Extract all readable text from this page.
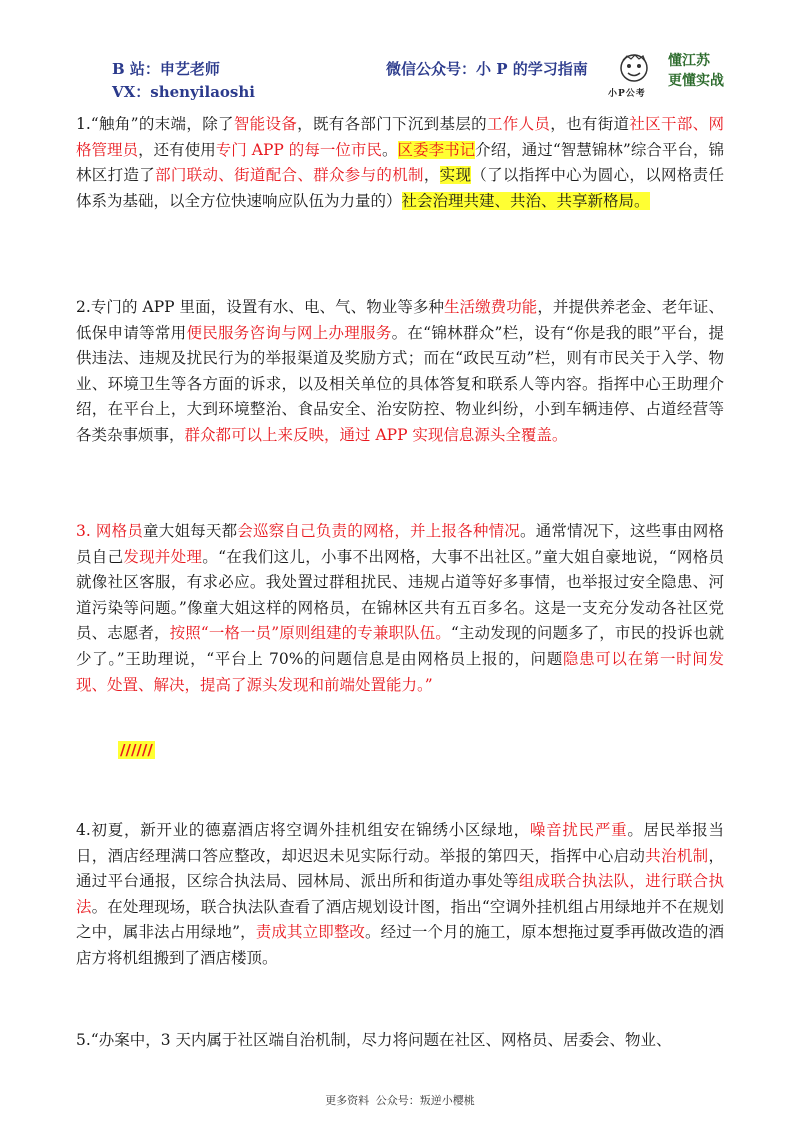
B 站：申艺老师
VX：shenyilaoshi
微信公众号：小 P 的学习指南
小P公考
懂江苏
更懂实战

1.“触角”的末端，除了智能设备，既有各部门下沉到基层的工作人员，也有街道社区干部、网格管理员，还有使用专门 APP 的每一位市民。区委李书记介绍，通过“智慧锦林”综合平台，锦林区打造了部门联动、街道配合、群众参与的机制，实现（了以指挥中心为圆心，以网格责任体系为基础，以全方位快速响应队伍为力量的）社会治理共建、共治、共享新格局。

2.专门的 APP 里面，设置有水、电、气、物业等多种生活缴费功能，并提供养老金、老年证、低保申请等常用便民服务咨询与网上办理服务。在“锦林群众”栏，设有“你是我的眼”平台，提供违法、违规及扰民行为的举报渠道及奖励方式；而在“政民互动”栏，则有市民关于入学、物业、环境卫生等各方面的诉求，以及相关单位的具体答复和联系人等内容。指挥中心王助理介绍，在平台上，大到环境整治、食品安全、治安防控、物业纠纷，小到车辆违停、占道经营等各类杂事烦事，群众都可以上来反映，通过 APP 实现信息源头全覆盖。

3. 网格员童大姐每天都会巡察自己负责的网格，并上报各种情况。通常情况下，这些事由网格员自己发现并处理。“在我们这儿，小事不出网格，大事不出社区。”童大姐自豪地说，“网格员就像社区客服，有求必应。我处置过群租扰民、违规占道等好多事情，也举报过安全隐患、河道污染等问题。”像童大姐这样的网格员，在锦林区共有五百多名。这是一支充分发动各社区党员、志愿者，按照“一格一员”原则组建的专兼职队伍。“主动发现的问题多了，市民的投诉也就少了。”王助理说，“平台上 70%的问题信息是由网格员上报的，问题隐患可以在第一时间发现、处置、解决，提高了源头发现和前端处置能力。”

//////

4.初夏，新开业的德嘉酒店将空调外挂机组安在锦绣小区绿地，噪音扰民严重。居民举报当日，酒店经理满口答应整改，却迟迟未见实际行动。举报的第四天，指挥中心启动共治机制，通过平台通报，区综合执法局、园林局、派出所和街道办事处等组成联合执法队，进行联合执法。在处理现场，联合执法队查看了酒店规划设计图，指出“空调外挂机组占用绿地并不在规划之中，属非法占用绿地”，责成其立即整改。经过一个月的施工，原本想拖过夏季再做改造的酒店方将机组搬到了酒店楼顶。

5.“办案中，3 天内属于社区端自治机制，尽力将问题在社区、网格员、居委会、物业、

更多资料 公众号：叛逆小樱桃
